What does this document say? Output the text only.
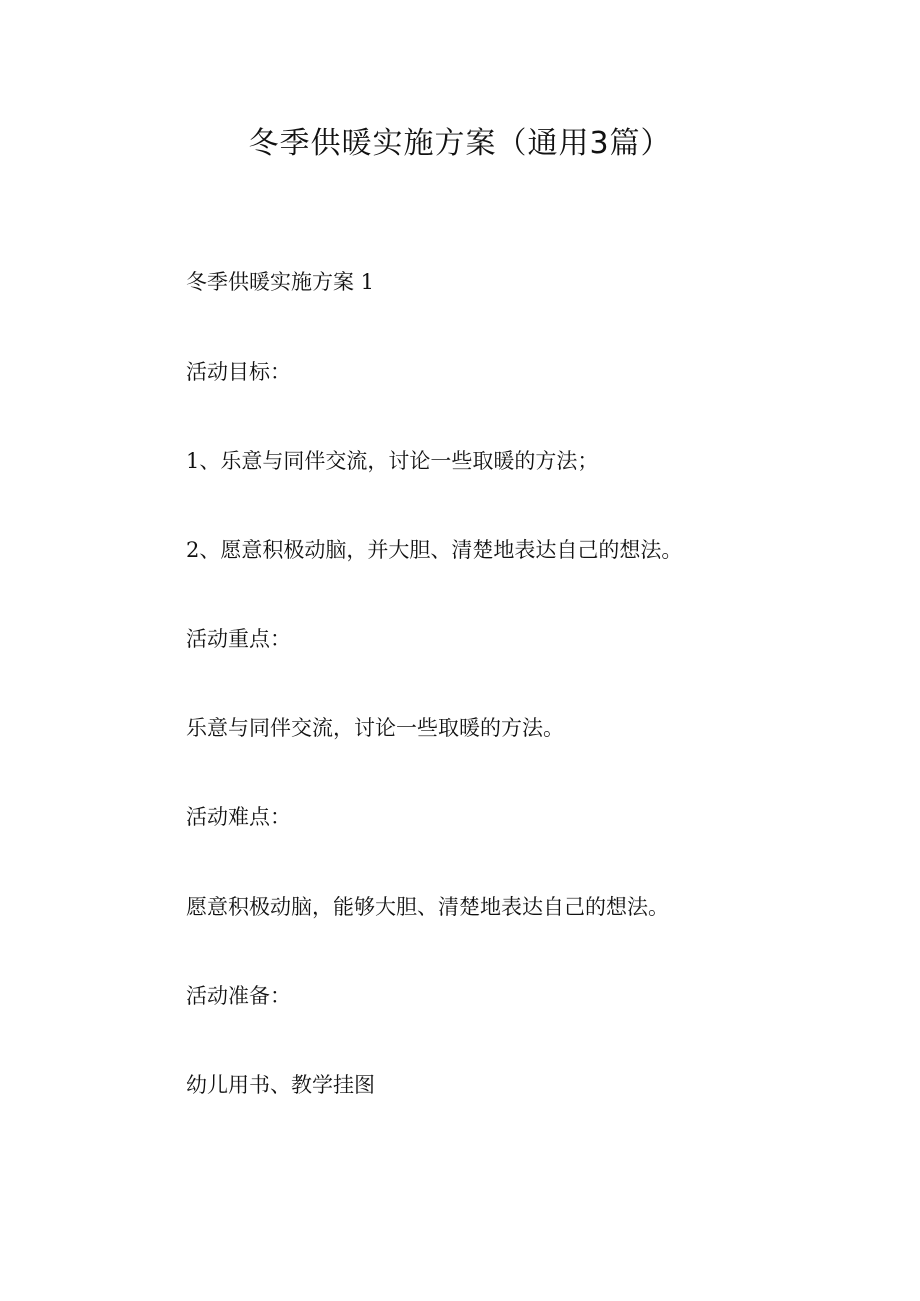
冬季供暖实施方案（通用3篇）

冬季供暖实施方案 1

活动目标：

1、乐意与同伴交流，讨论一些取暖的方法；

2、愿意积极动脑，并大胆、清楚地表达自己的想法。

活动重点：

乐意与同伴交流，讨论一些取暖的方法。

活动难点：

愿意积极动脑，能够大胆、清楚地表达自己的想法。

活动准备：

幼儿用书、教学挂图
